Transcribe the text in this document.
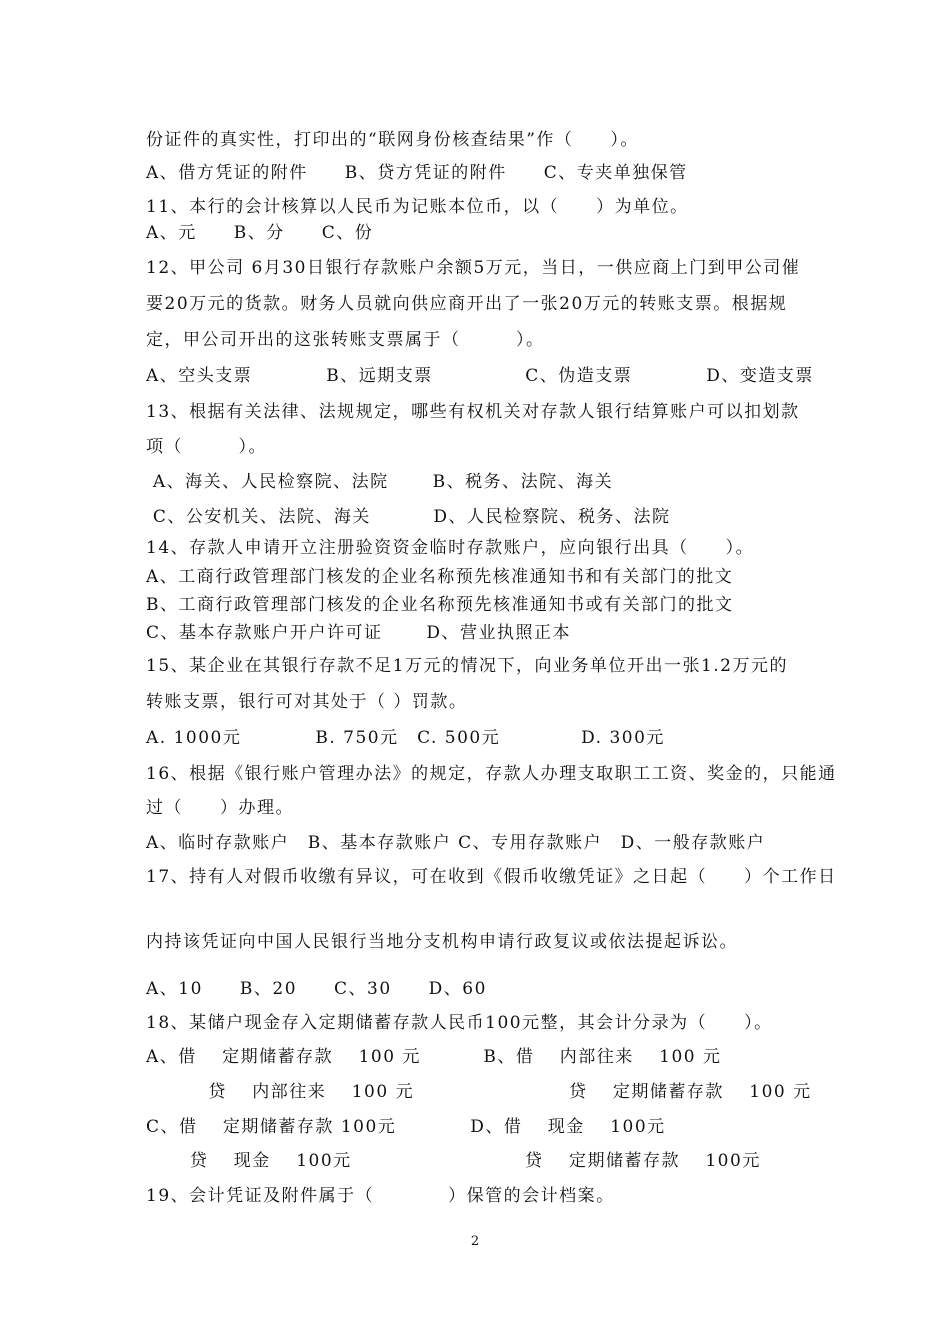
份证件的真实性，打印出的“联网身份核查结果”作（　　）。
A、借方凭证的附件　　B、贷方凭证的附件　　C、专夹单独保管
11、本行的会计核算以人民币为记账本位币，以（　　）为单位。
A、元　　B、分　　C、份
12、甲公司 6月30日银行存款账户余额5万元，当日，一供应商上门到甲公司催
要20万元的货款。财务人员就向供应商开出了一张20万元的转账支票。根据规
定，甲公司开出的这张转账支票属于（　　　）。
A、空头支票　　　　B、远期支票　　　　　C、伪造支票　　　　D、变造支票
13、根据有关法律、法规规定，哪些有权机关对存款人银行结算账户可以扣划款
项（　　　）。
A、海关、人民检察院、法院　　 B、税务、法院、海关
C、公安机关、法院、海关　　　 D、人民检察院、税务、法院
14、存款人申请开立注册验资资金临时存款账户，应向银行出具（　　）。
A、工商行政管理部门核发的企业名称预先核准通知书和有关部门的批文
B、工商行政管理部门核发的企业名称预先核准通知书或有关部门的批文
C、基本存款账户开户许可证　　 D、营业执照正本
15、某企业在其银行存款不足1万元的情况下，向业务单位开出一张1.2万元的
转账支票，银行可对其处于（ ）罚款。
A. 1000元　　　　B. 750元　C. 500元　　　　 D. 300元
16、根据《银行账户管理办法》的规定，存款人办理支取职工工资、奖金的，只能通
过（　　）办理。
A、临时存款账户　B、基本存款账户 C、专用存款账户　D、一般存款账户
17、持有人对假币收缴有异议，可在收到《假币收缴凭证》之日起（　　）个工作日
内持该凭证向中国人民银行当地分支机构申请行政复议或依法提起诉讼。
A、10　　B、20　　C、30　　D、60
18、某储户现金存入定期储蓄存款人民币100元整，其会计分录为（　　）。
A、借　 定期储蓄存款　 100 元　　　 B、借　 内部往来　 100 元
　　　 贷　 内部往来　 100 元　　　　　　　　 贷　 定期储蓄存款　 100 元
C、借　 定期储蓄存款 100元　　　　D、借　 现金　 100元
　　 贷　 现金　 100元　　　　　　　　　 贷　 定期储蓄存款　 100元
19、会计凭证及附件属于（　　　　）保管的会计档案。
2
